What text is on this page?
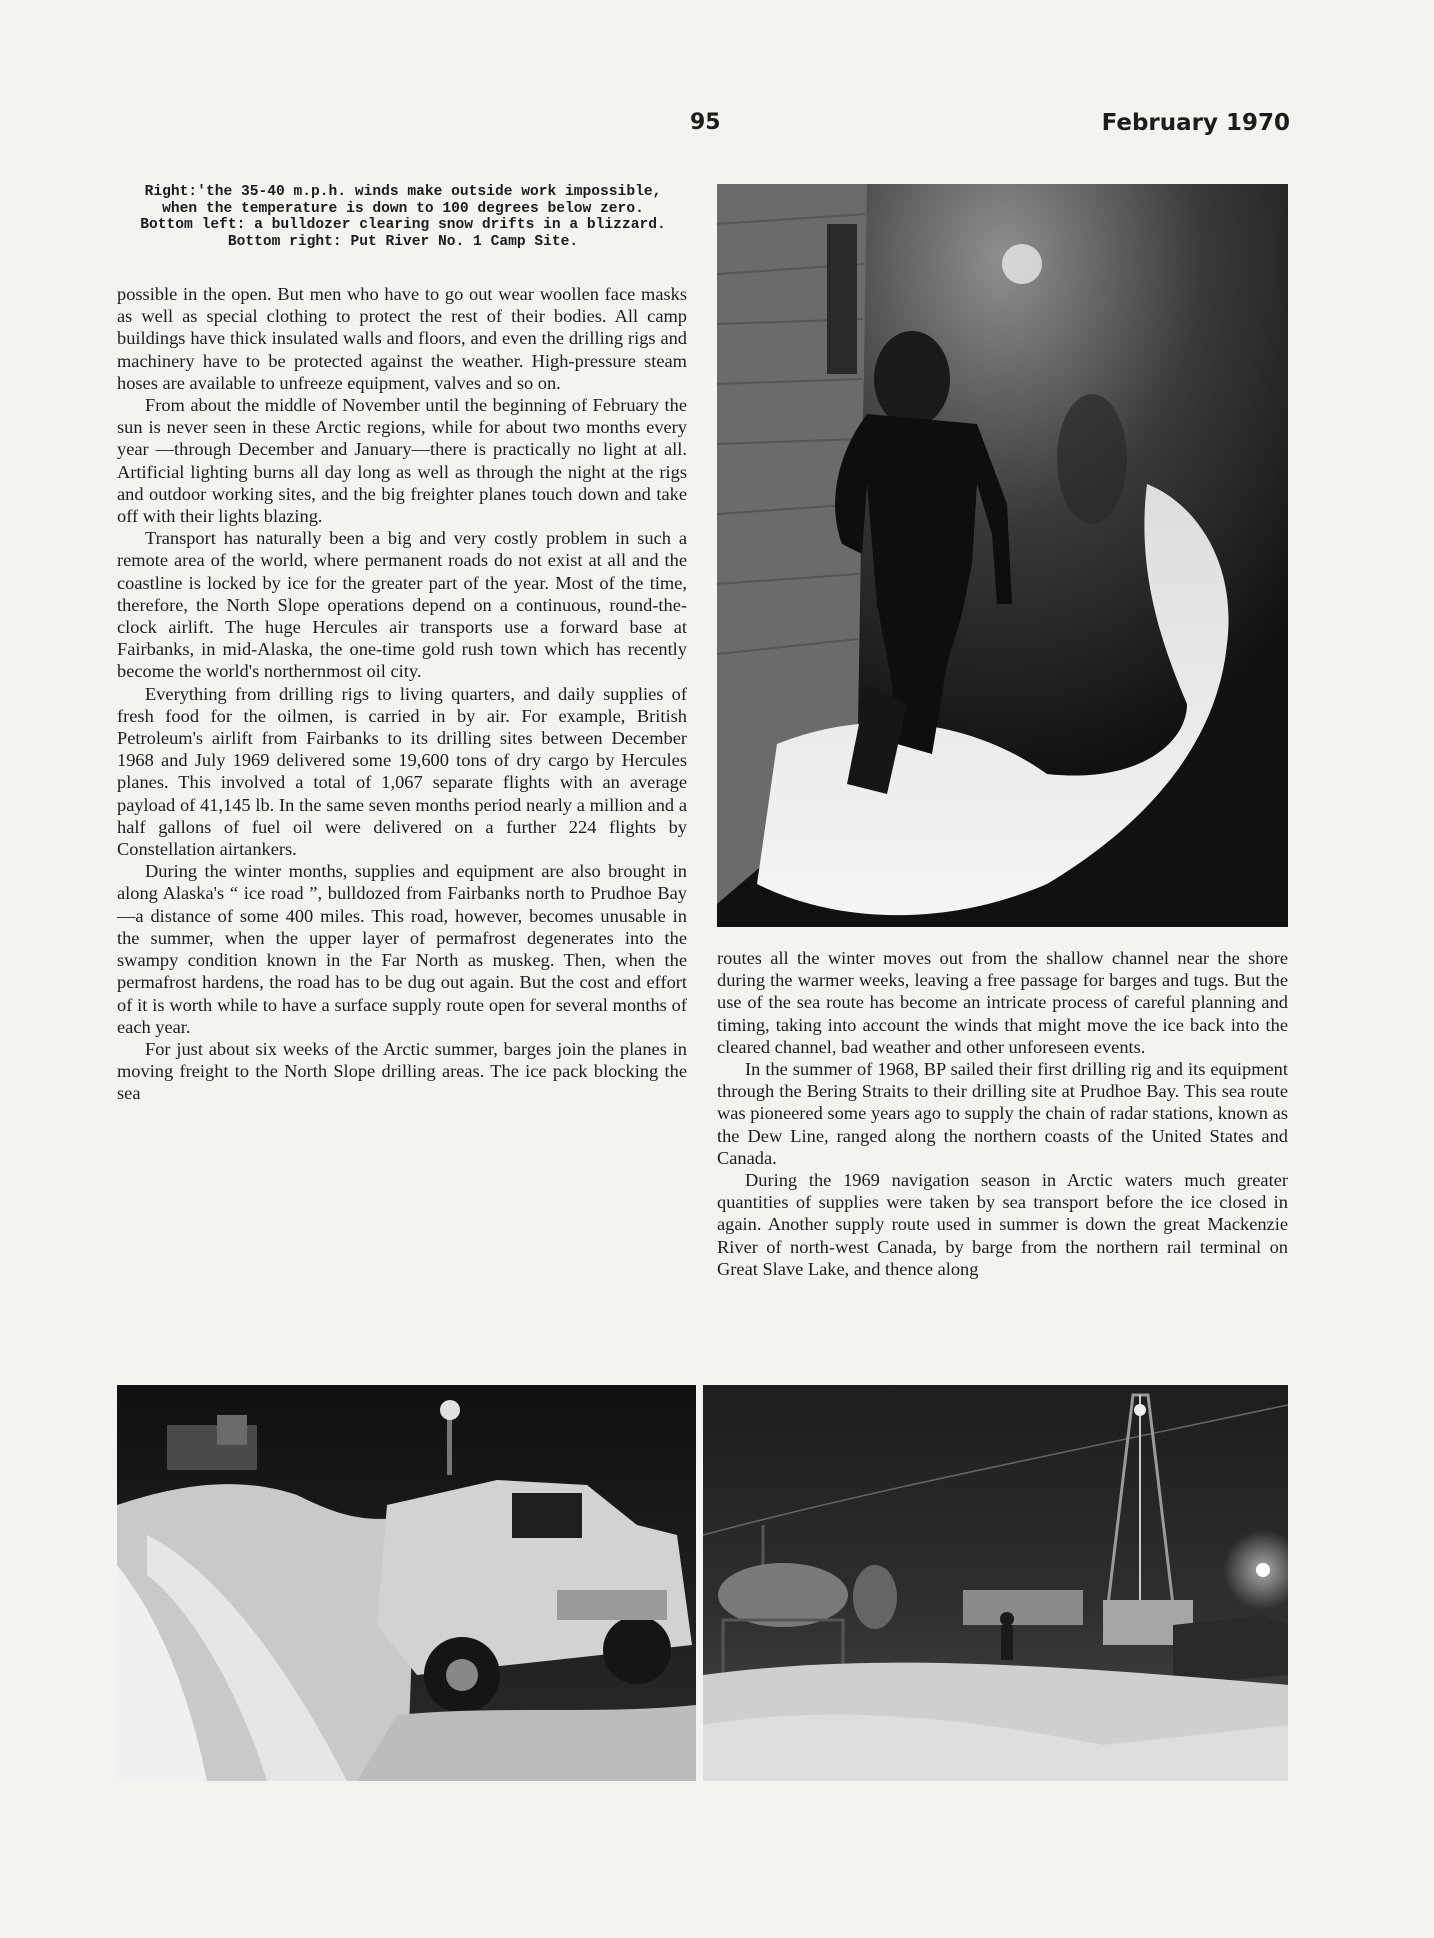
95	February 1970
Right:'the 35-40 m.p.h. winds make outside work impossible,
when the temperature is down to 100 degrees below zero.
Bottom left: a bulldozer clearing snow drifts in a blizzard.
Bottom right: Put River No. 1 Camp Site.

possible in the open. But men who have to go out wear woollen face masks as well as special clothing to protect the rest of their bodies. All camp buildings have thick insulated walls and floors, and even the drilling rigs and machinery have to be protected against the weather. High-pressure steam hoses are available to unfreeze equipment, valves and so on.

From about the middle of November until the beginning of February the sun is never seen in these Arctic regions, while for about two months every year —through December and January—there is practically no light at all. Artificial lighting burns all day long as well as through the night at the rigs and outdoor working sites, and the big freighter planes touch down and take off with their lights blazing.

Transport has naturally been a big and very costly problem in such a remote area of the world, where permanent roads do not exist at all and the coastline is locked by ice for the greater part of the year. Most of the time, therefore, the North Slope operations depend on a continuous, round-the-clock airlift. The huge Hercules air transports use a forward base at Fairbanks, in mid-Alaska, the one-time gold rush town which has recently become the world's northernmost oil city.

Everything from drilling rigs to living quarters, and daily supplies of fresh food for the oilmen, is carried in by air. For example, British Petroleum's airlift from Fairbanks to its drilling sites between December 1968 and July 1969 delivered some 19,600 tons of dry cargo by Hercules planes. This involved a total of 1,067 separate flights with an average payload of 41,145 lb. In the same seven months period nearly a million and a half gallons of fuel oil were delivered on a further 224 flights by Constellation airtankers.

During the winter months, supplies and equipment are also brought in along Alaska's “ ice road ”, bulldozed from Fairbanks north to Prudhoe Bay—a distance of some 400 miles. This road, however, becomes unusable in the summer, when the upper layer of permafrost degenerates into the swampy condition known in the Far North as muskeg. Then, when the permafrost hardens, the road has to be dug out again. But the cost and effort of it is worth while to have a surface supply route open for several months of each year.

For just about six weeks of the Arctic summer, barges join the planes in moving freight to the North Slope drilling areas. The ice pack blocking the sea

routes all the winter moves out from the shallow channel near the shore during the warmer weeks, leaving a free passage for barges and tugs. But the use of the sea route has become an intricate process of careful planning and timing, taking into account the winds that might move the ice back into the cleared channel, bad weather and other unforeseen events.

In the summer of 1968, BP sailed their first drilling rig and its equipment through the Bering Straits to their drilling site at Prudhoe Bay. This sea route was pioneered some years ago to supply the chain of radar stations, known as the Dew Line, ranged along the northern coasts of the United States and Canada.

During the 1969 navigation season in Arctic waters much greater quantities of supplies were taken by sea transport before the ice closed in again. Another supply route used in summer is down the great Mackenzie River of north-west Canada, by barge from the northern rail terminal on Great Slave Lake, and thence along
